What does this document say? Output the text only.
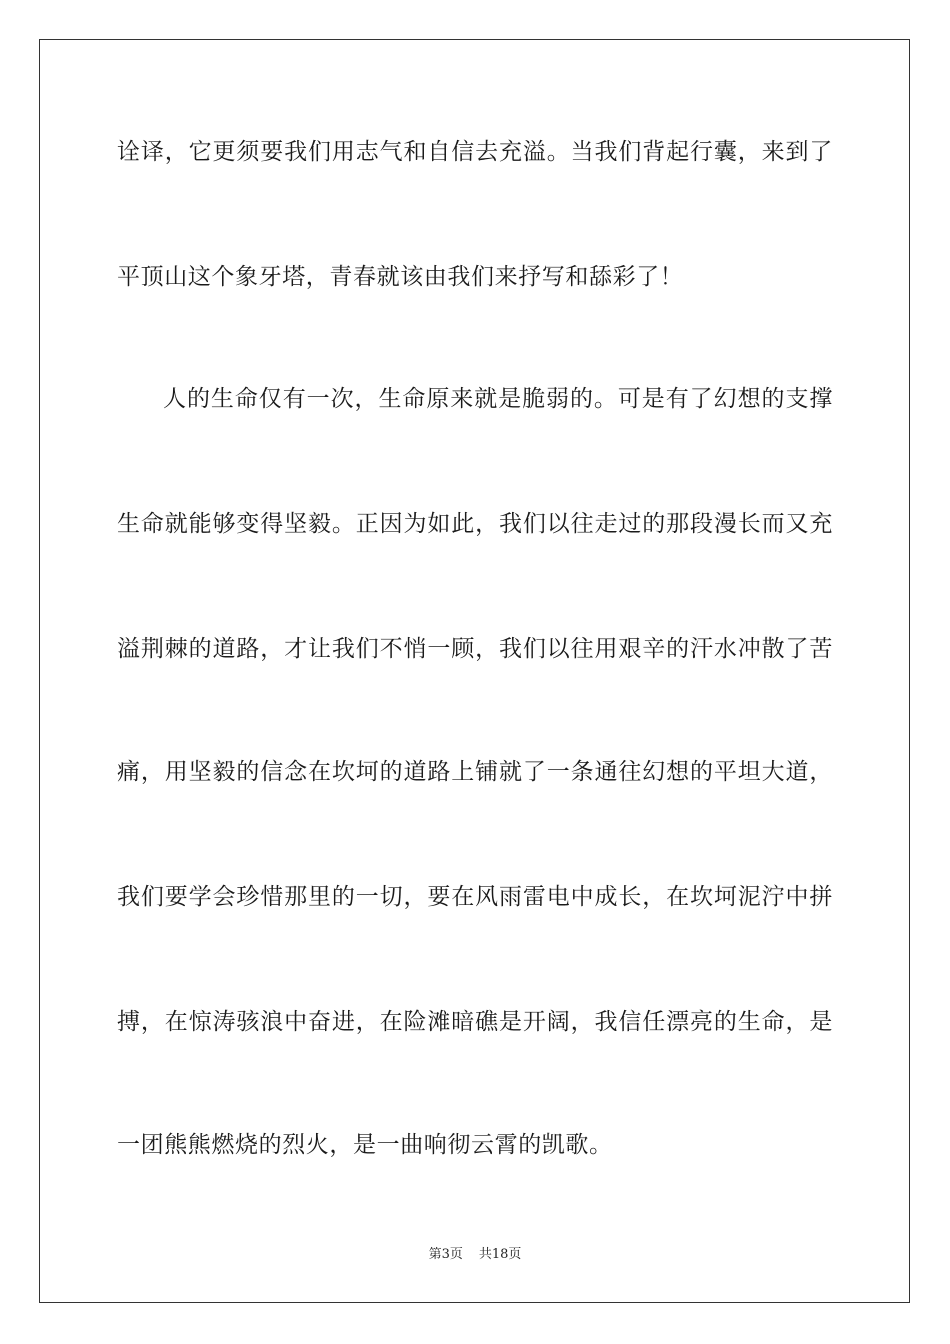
诠译，它更须要我们用志气和自信去充溢。当我们背起行囊，来到了
平顶山这个象牙塔，青春就该由我们来抒写和舔彩了！
人的生命仅有一次，生命原来就是脆弱的。可是有了幻想的支撑
生命就能够变得坚毅。正因为如此，我们以往走过的那段漫长而又充
溢荆棘的道路，才让我们不悄一顾，我们以往用艰辛的汗水冲散了苦
痛，用坚毅的信念在坎坷的道路上铺就了一条通往幻想的平坦大道，
我们要学会珍惜那里的一切，要在风雨雷电中成长，在坎坷泥泞中拼
搏，在惊涛骇浪中奋进，在险滩暗礁是开阔，我信任漂亮的生命，是
一团熊熊燃烧的烈火，是一曲响彻云霄的凯歌。
第3页 共18页
